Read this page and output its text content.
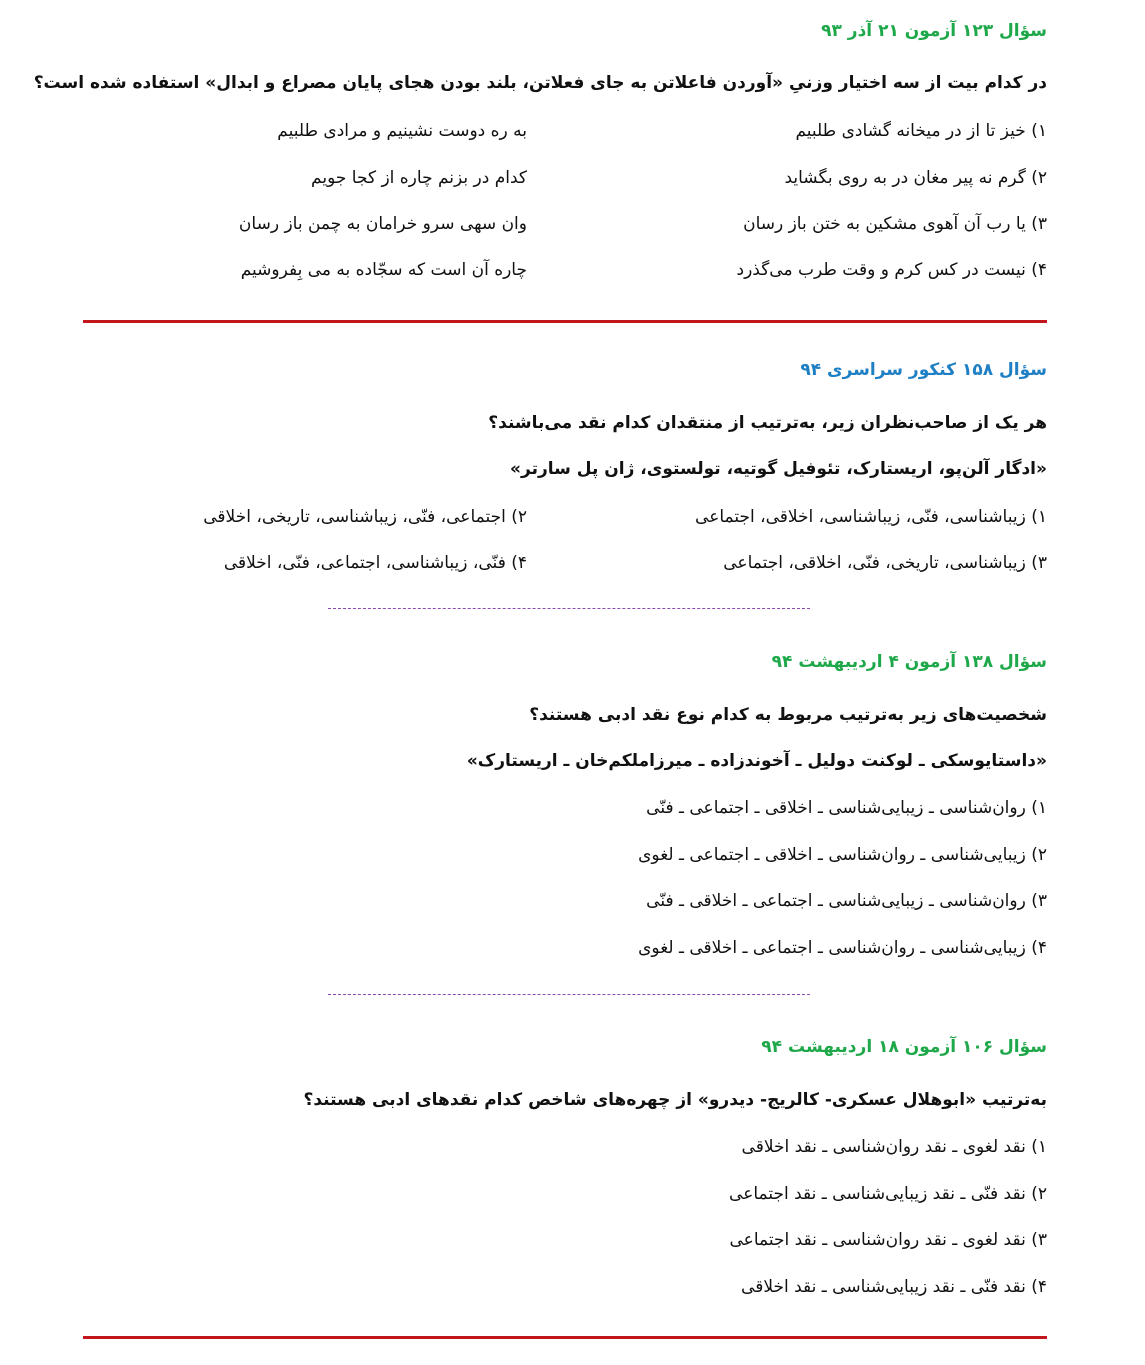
سؤال ۱۲۳ آزمون ۲۱ آذر ۹۳
در کدام بیت از سه اختیار وزنیِ «آوردن فاعلاتن به جای فعلاتن، بلند بودن هجای پایان مصراع و ابدال» استفاده شده است؟
۱) خیز تا از در میخانه گشادی طلبیم
به ره دوست نشینیم و مرادی طلبیم
۲) گرم نه پیر مغان در به روی بگشاید
کدام در بزنم چاره از کجا جویم
۳) یا رب آن آهوی مشکین به ختن باز رسان
وان سهی سرو خرامان به چمن باز رسان
۴) نیست در کس کرم و وقت طرب می‌گذرد
چاره آن است که سجّاده به می بِفروشیم
سؤال ۱۵۸ کنکور سراسری ۹۴
هر یک از صاحب‌نظران زیر، به‌ترتیب از منتقدان کدام نقد می‌باشند؟
«ادگار آلن‌پو، اریستارک، تئوفیل گوتیه، تولستوی، ژان پل سارتر»
۱) زیباشناسی، فنّی، زیباشناسی، اخلاقی، اجتماعی
۲) اجتماعی، فنّی، زیباشناسی، تاریخی، اخلاقی
۳) زیباشناسی، تاریخی، فنّی، اخلاقی، اجتماعی
۴) فنّی، زیباشناسی، اجتماعی، فنّی، اخلاقی
سؤال ۱۳۸ آزمون ۴ اردیبهشت ۹۴
شخصیت‌های زیر به‌ترتیب مربوط به کدام نوع نقد ادبی هستند؟
«داستایوسکی ـ لوکنت دولیل ـ آخوندزاده ـ میرزاملکم‌خان ـ اریستارک»
۱) روان‌شناسی ـ زیبایی‌شناسی ـ اخلاقی ـ اجتماعی ـ فنّی
۲) زیبایی‌شناسی ـ روان‌شناسی ـ اخلاقی ـ اجتماعی ـ لغوی
۳) روان‌شناسی ـ زیبایی‌شناسی ـ اجتماعی ـ اخلاقی ـ فنّی
۴) زیبایی‌شناسی ـ روان‌شناسی ـ اجتماعی ـ اخلاقی ـ لغوی
سؤال ۱۰۶ آزمون ۱۸ اردیبهشت ۹۴
به‌ترتیب «ابوهلال عسکری- کالریج- دیدرو» از چهره‌های شاخص کدام نقدهای ادبی هستند؟
۱) نقد لغوی ـ نقد روان‌شناسی ـ نقد اخلاقی
۲) نقد فنّی ـ نقد زیبایی‌شناسی ـ نقد اجتماعی
۳) نقد لغوی ـ نقد روان‌شناسی ـ نقد اجتماعی
۴) نقد فنّی ـ نقد زیبایی‌شناسی ـ نقد اخلاقی
